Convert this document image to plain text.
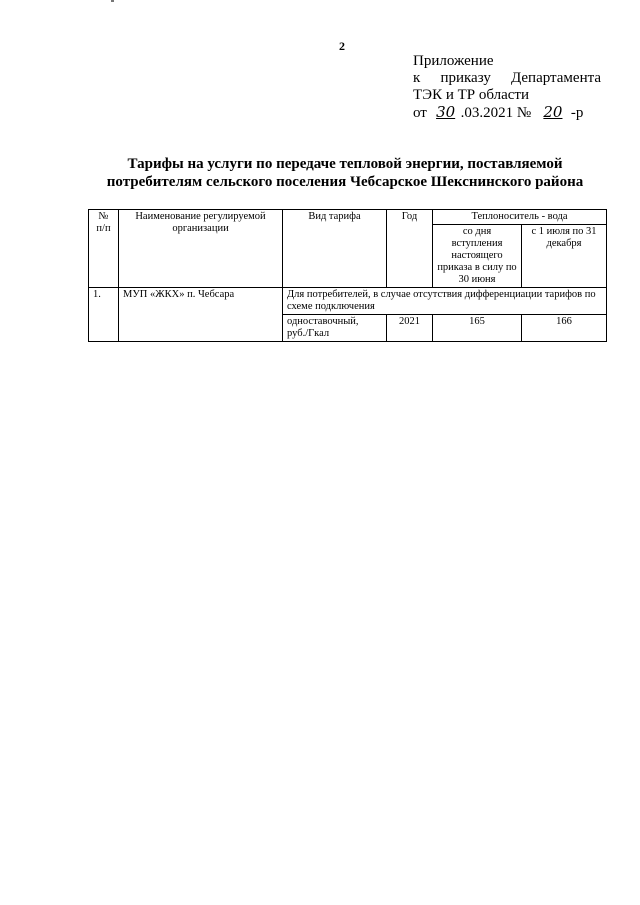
2
Приложение
к приказу Департамента
ТЭК и ТР области
от 30 .03.2021 № 20 -р
Тарифы на услуги по передаче тепловой энергии, поставляемой
потребителям сельского поселения Чебсарское Шекснинского района
№ п/п	Наименование регулируемой организации	Вид тарифа	Год	Теплоноситель - вода	
				со дня вступления настоящего приказа в силу по 30 июня	с 1 июля по 31 декабря
1.	МУП «ЖКХ» п. Чебсара	Для потребителей, в случае отсутствия дифференциации тарифов по схеме подключения			
		одноставочный, руб./Гкал	2021	165	166
